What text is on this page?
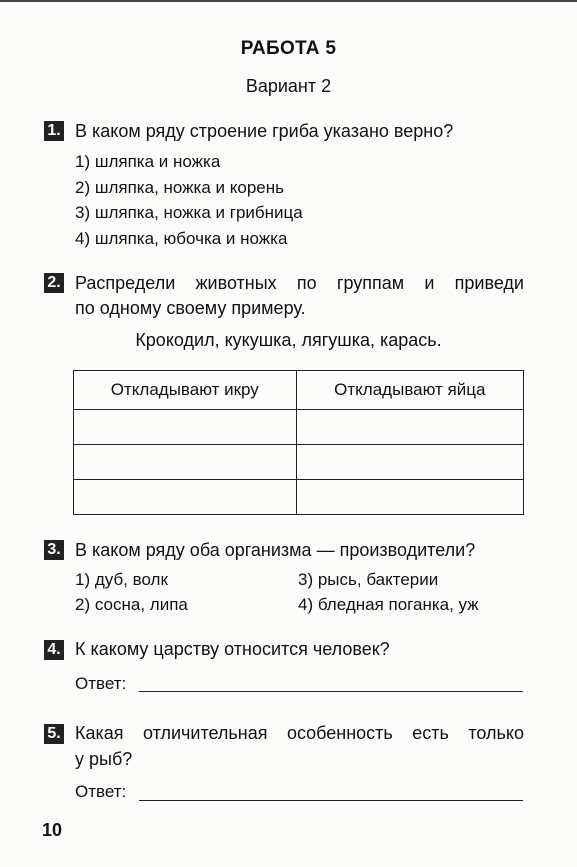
РАБОТА 5
Вариант 2
1. В каком ряду строение гриба указано верно?
1) шляпка и ножка
2) шляпка, ножка и корень
3) шляпка, ножка и грибница
4) шляпка, юбочка и ножка
2. Распредели животных по группам и приведи
по одному своему примеру.
Крокодил, кукушка, лягушка, карась.
Откладывают икру	Откладывают яйца

3. В каком ряду оба организма — производители?
1) дуб, волк	3) рысь, бактерии
2) сосна, липа	4) бледная поганка, уж
4. К какому царству относится человек?
Ответ:
5. Какая отличительная особенность есть только
у рыб?
Ответ:
10
